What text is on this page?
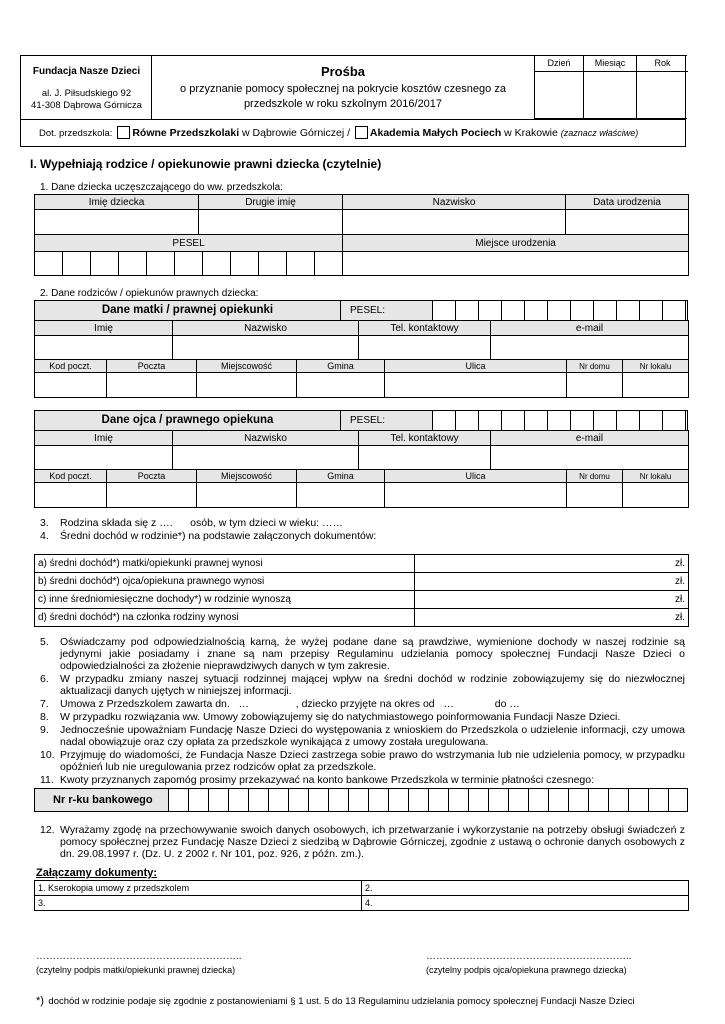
Fundacja Nasze Dzieci
al. J. Piłsudskiego 92
41-308 Dąbrowa Górnicza
Prośba
o przyznanie pomocy społecznej na pokrycie kosztów czesnego za
przedszkole w roku szkolnym 2016/2017
Dzień	Miesiąc	Rok
Dot. przedszkola: Równe Przedszkolaki w Dąbrowie Górniczej / Akademia Małych Pociech w Krakowie (zaznacz właściwe)
I. Wypełniają rodzice / opiekunowie prawni dziecka (czytelnie)
1. Dane dziecka uczęszczającego do ww. przedszkola:
Imię dziecka	Drugie imię	Nazwisko	Data urodzenia

PESEL											Miejsce urodzenia

2. Dane rodziców / opiekunów prawnych dziecka:
Dane matki / prawnej opiekunki	PESEL:
Imię	Nazwisko	Tel. kontaktowy	e-mail

Kod poczt.	Poczta	Miejscowość	Gmina	Ulica	Nr domu	Nr lokalu

Dane ojca / prawnego opiekuna	PESEL:
Imię	Nazwisko	Tel. kontaktowy	e-mail

Kod poczt.	Poczta	Miejscowość	Gmina	Ulica	Nr domu	Nr lokalu

3. Rodzina składa się z ….      osób, w tym dzieci w wieku: ……
4. Średni dochód w rodzinie*) na podstawie załączonych dokumentów:
a) średni dochód*) matki/opiekunki prawnej wynosi	zł.
b) średni dochód*) ojca/opiekuna prawnego wynosi	zł.
c) inne średniomiesięczne dochody*) w rodzinie wynoszą	zł.
d) średni dochód*) na członka rodziny wynosi	zł.
5. Oświadczamy pod odpowiedzialnością karną, że wyżej podane dane są prawdziwe, wymienione dochody w naszej rodzinie są jedynymi jakie posiadamy i znane są nam przepisy Regulaminu udzielania pomocy społecznej Fundacji Nasze Dzieci o odpowiedzialności za złożenie nieprawdziwych danych w tym zakresie.
6. W przypadku zmiany naszej sytuacji rodzinnej mającej wpływ na średni dochód w rodzinie zobowiązujemy się do niezwłocznej aktualizacji danych ujętych w niniejszej informacji.
7. Umowa z Przedszkolem zawarta dn.   …                , dziecko przyjęte na okres od   …              do …
8. W przypadku rozwiązania ww. Umowy zobowiązujemy się do natychmiastowego poinformowania Fundacji Nasze Dzieci.
9. Jednocześnie upoważniam Fundację Nasze Dzieci do występowania z wnioskiem do Przedszkola o udzielenie informacji, czy umowa nadal obowiązuje oraz czy opłata za przedszkole wynikająca z umowy została uregulowana.
10. Przyjmuję do wiadomości, że Fundacja Nasze Dzieci zastrzega sobie prawo do wstrzymania lub nie udzielenia pomocy, w przypadku opóźnień lub nie uregulowania przez rodziców opłat za przedszkole.
11. Kwoty przyznanych zapomóg prosimy przekazywać na konto bankowe Przedszkola w terminie płatności czesnego:
Nr r-ku bankowego
12. Wyrażamy zgodę na przechowywanie swoich danych osobowych, ich przetwarzanie i wykorzystanie na potrzeby obsługi świadczeń z pomocy społecznej przez Fundację Nasze Dzieci z siedzibą w Dąbrowie Górniczej, zgodnie z ustawą o ochronie danych osobowych z dn. 29.08.1997 r. (Dz. U. z 2002 r. Nr 101, poz. 926, z późn. zm.).
Załączamy dokumenty:
1. Kserokopia umowy z przedszkolem	2.
3.	4.
……………………………………………………..
(czytelny podpis matki/opiekunki prawnej dziecka)
……………………………………………………..
(czytelny podpis ojca/opiekuna prawnego dziecka)
*) dochód w rodzinie podaje się zgodnie z postanowieniami § 1 ust. 5 do 13 Regulaminu udzielania pomocy społecznej Fundacji Nasze Dzieci
